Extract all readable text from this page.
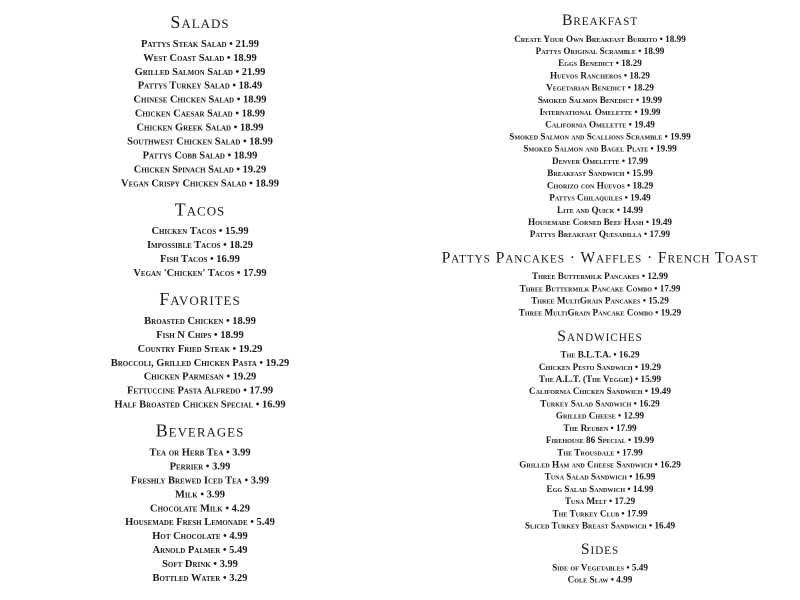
Salads
Pattys Steak Salad • 21.99
West Coast Salad • 18.99
Grilled Salmon Salad • 21.99
Pattys Turkey Salad • 18.49
Chinese Chicken Salad • 18.99
Chicken Caesar Salad • 18.99
Chicken Greek Salad • 18.99
Southwest Chicken Salad • 18.99
Pattys Cobb Salad • 18.99
Chicken Spinach Salad • 19.29
Vegan Crispy Chicken Salad • 18.99
Tacos
Chicken Tacos • 15.99
Impossible Tacos • 18.29
Fish Tacos • 16.99
Vegan 'Chicken' Tacos • 17.99
Favorites
Broasted Chicken • 18.99
Fish N Chips • 18.99
Country Fried Steak • 19.29
Broccoli, Grilled Chicken Pasta • 19.29
Chicken Parmesan • 19.29
Fettuccine Pasta Alfredo • 17.99
Half Broasted Chicken Special • 16.99
Beverages
Tea or Herb Tea • 3.99
Perrier • 3.99
Freshly Brewed Iced Tea • 3.99
Milk • 3.99
Chocolate Milk • 4.29
Housemade Fresh Lemonade • 5.49
Hot Chocolate • 4.99
Arnold Palmer • 5.49
Soft Drink • 3.99
Bottled Water • 3.29
Breakfast
Create Your Own Breakfast Burrito • 18.99
Pattys Original Scramble • 18.99
Eggs Benedict • 18.29
Huevos Rancheros • 18.29
Vegetarian Benedict • 18.29
Smoked Salmon Benedict • 19.99
International Omelette • 19.99
California Omelette • 19.49
Smoked Salmon and Scallions Scramble • 19.99
Smoked Salmon and Bagel Plate • 19.99
Denver Omelette • 17.99
Breakfast Sandwich • 15.99
Chorizo con Huevos • 18.29
Pattys Chilaquiles • 19.49
Lite and Quick • 14.99
Housemade Corned Beef Hash • 19.49
Pattys Breakfast Quesadilla • 17.99
Pattys Pancakes · Waffles · French Toast
Three Buttermilk Pancakes • 12.99
Three Buttermilk Pancake Combo • 17.99
Three MultiGrain Pancakes • 15.29
Three MultiGrain Pancake Combo • 19.29
Sandwiches
The B.L.T.A. • 16.29
Chicken Pesto Sandwich • 19.29
The A.L.T. (The Veggie) • 15.99
California Chicken Sandwich • 19.49
Turkey Salad Sandwich • 16.29
Grilled Cheese • 12.99
The Reuben • 17.99
Firehouse 86 Special • 19.99
The Trousdale • 17.99
Grilled Ham and Cheese Sandwich • 16.29
Tuna Salad Sandwich • 16.99
Egg Salad Sandwich • 14.99
Tuna Melt • 17.29
The Turkey Club • 17.99
Sliced Turkey Breast Sandwich • 16.49
Sides
Side of Vegetables • 5.49
Cole Slaw • 4.99
